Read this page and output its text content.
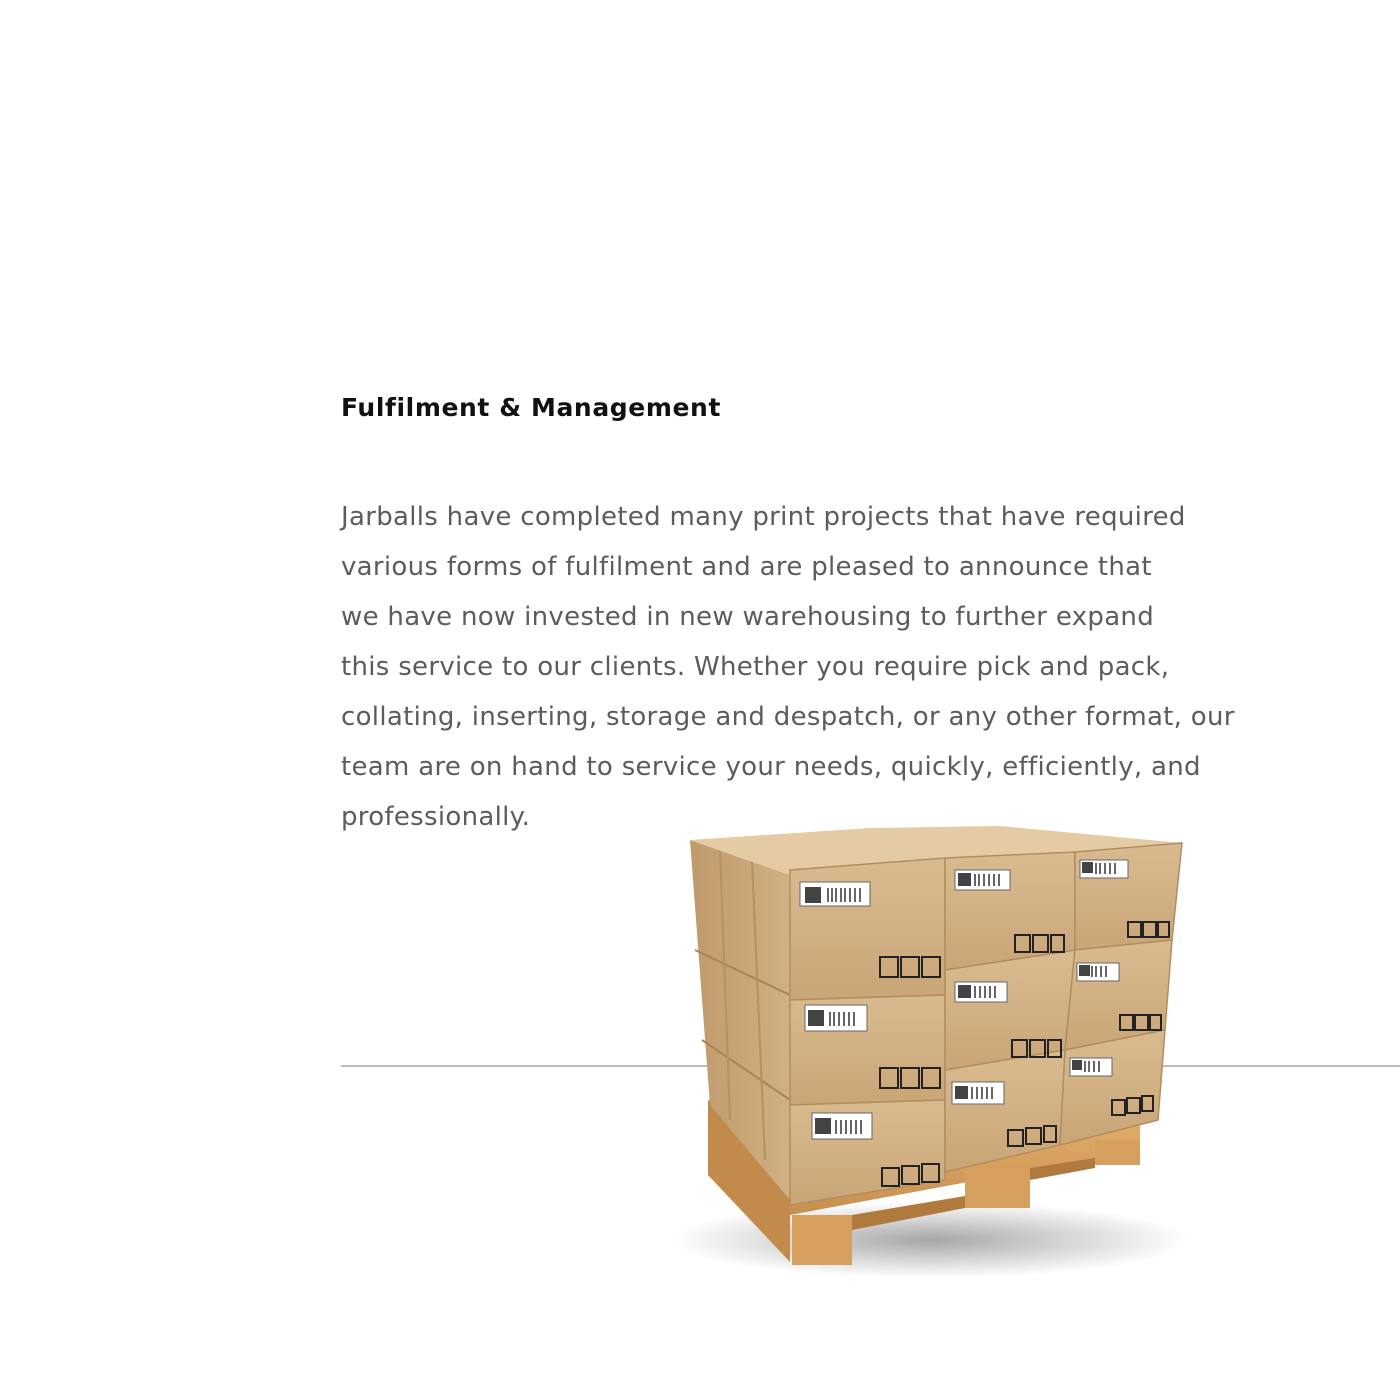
Fulfilment & Management

Jarballs have completed many print projects that have required
various forms of fulfilment and are pleased to announce that
we have now invested in new warehousing to further expand
this service to our clients. Whether you require pick and pack,
collating, inserting, storage and despatch, or any other format, our
team are on hand to service your needs, quickly, efficiently, and
professionally.
